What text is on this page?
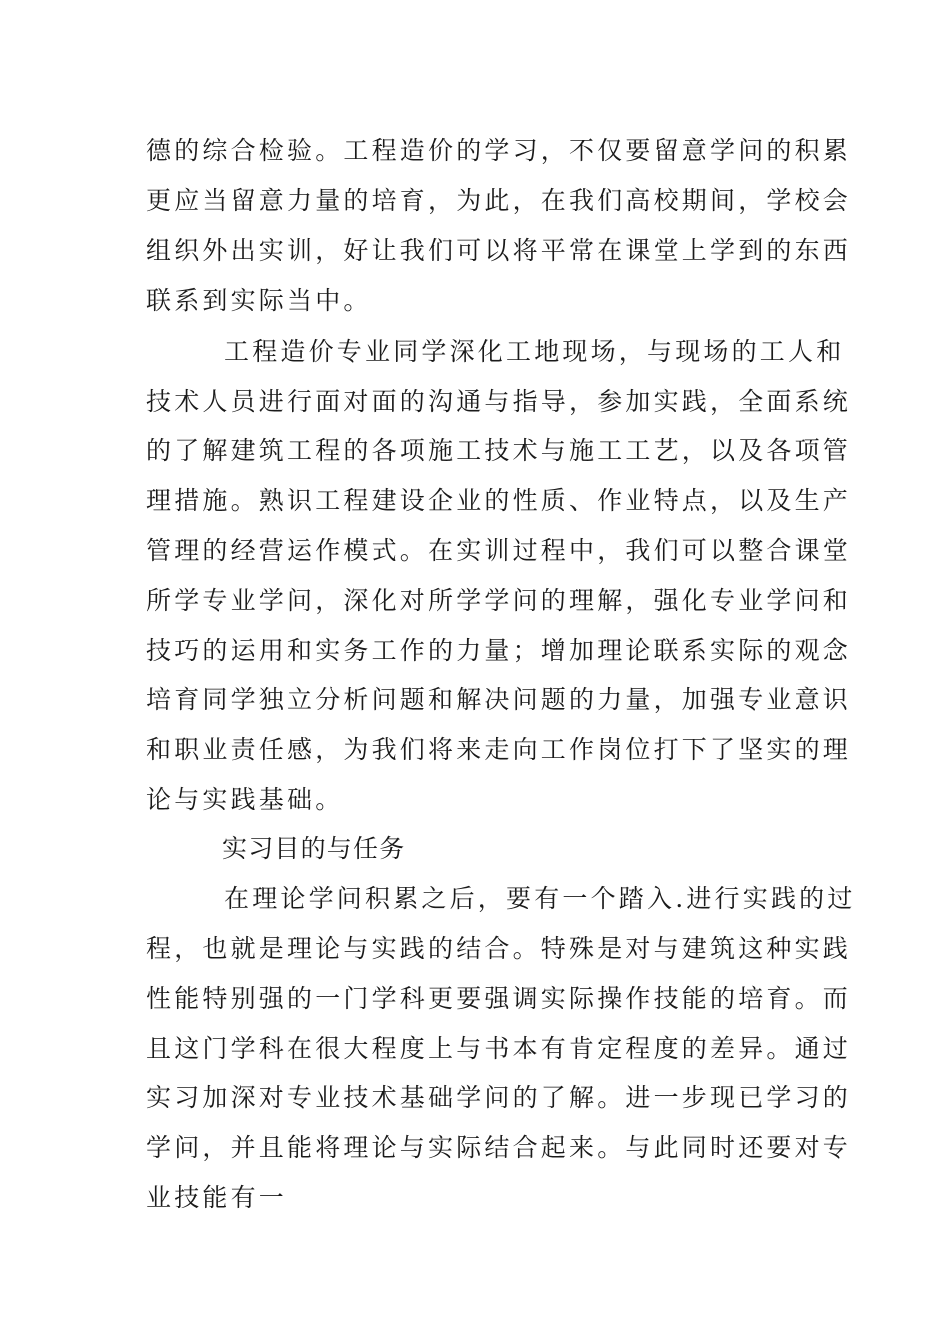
德的综合检验。工程造价的学习，不仅要留意学问的积累
更应当留意力量的培育，为此，在我们高校期间，学校会
组织外出实训，好让我们可以将平常在课堂上学到的东西
联系到实际当中。
工程造价专业同学深化工地现场，与现场的工人和
技术人员进行面对面的沟通与指导，参加实践，全面系统
的了解建筑工程的各项施工技术与施工工艺，以及各项管
理措施。熟识工程建设企业的性质、作业特点，以及生产
管理的经营运作模式。在实训过程中，我们可以整合课堂
所学专业学问，深化对所学学问的理解，强化专业学问和
技巧的运用和实务工作的力量；增加理论联系实际的观念
培育同学独立分析问题和解决问题的力量，加强专业意识
和职业责任感，为我们将来走向工作岗位打下了坚实的理
论与实践基础。
实习目的与任务
在理论学问积累之后，要有一个踏入.进行实践的过
程，也就是理论与实践的结合。特殊是对与建筑这种实践
性能特别强的一门学科更要强调实际操作技能的培育。而
且这门学科在很大程度上与书本有肯定程度的差异。通过
实习加深对专业技术基础学问的了解。进一步现已学习的
学问，并且能将理论与实际结合起来。与此同时还要对专
业技能有一
